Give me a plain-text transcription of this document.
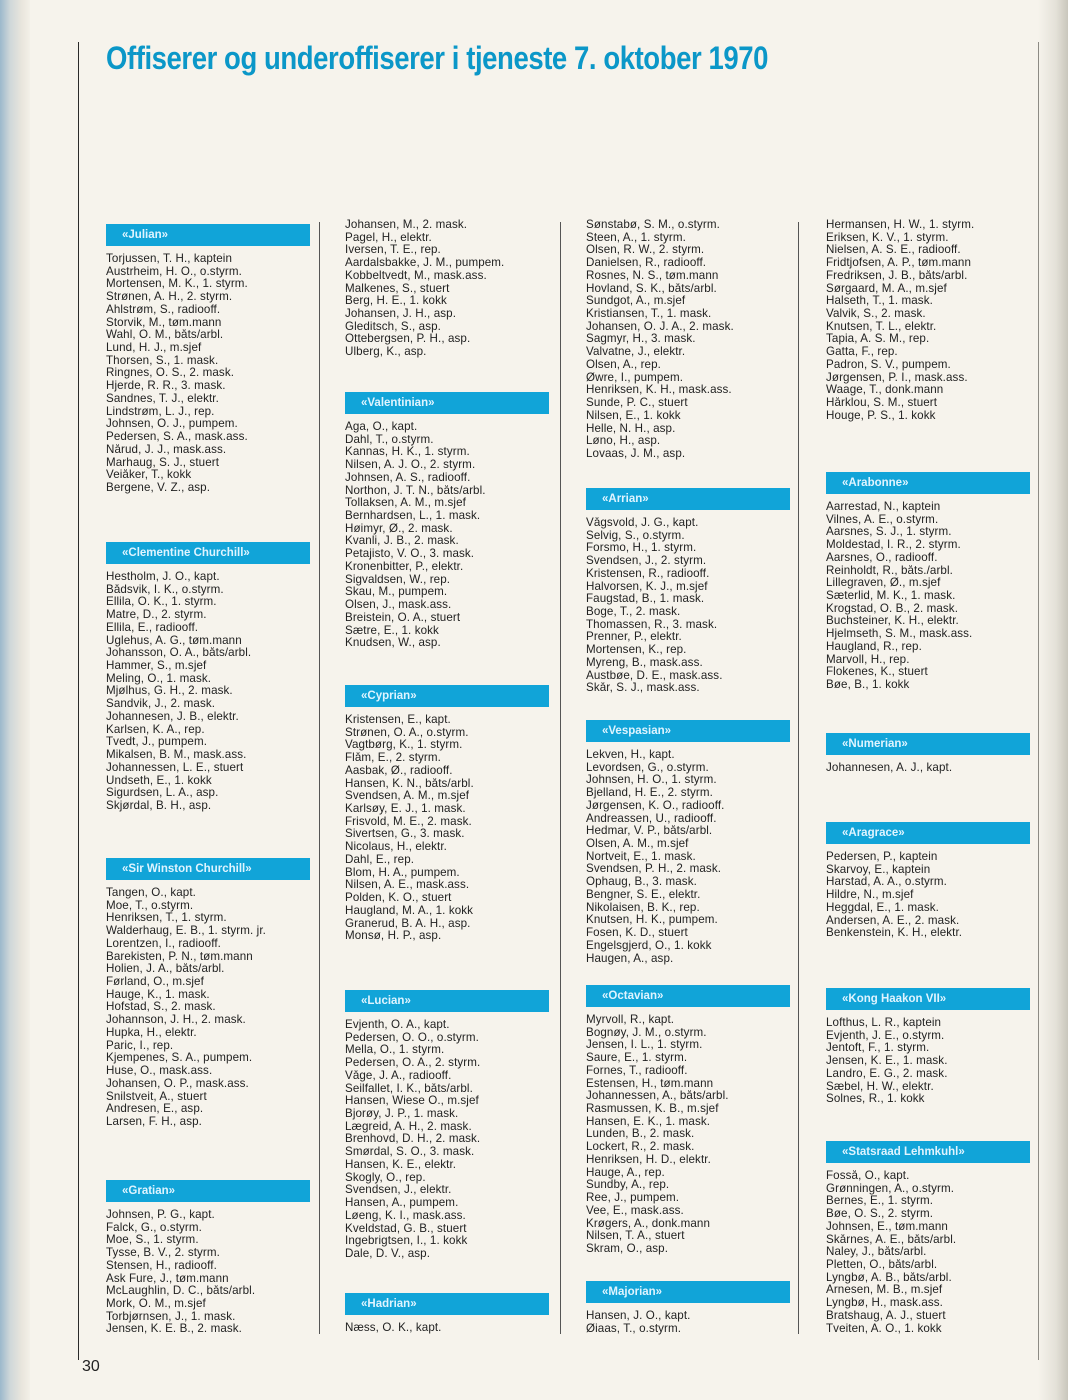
Offiserer og underoffiserer i tjeneste 7. oktober 1970
«Julian»
Torjussen, T. H., kaptein
Austrheim, H. O., o.styrm.
Mortensen, M. K., 1. styrm.
Strønen, A. H., 2. styrm.
Ahlstrøm, S., radiooff.
Storvik, M., tøm.mann
Wahl, O. M., båts/arbl.
Lund, H. J., m.sjef
Thorsen, S., 1. mask.
Ringnes, O. S., 2. mask.
Hjerde, R. R., 3. mask.
Sandnes, T. J., elektr.
Lindstrøm, L. J., rep.
Johnsen, O. J., pumpem.
Pedersen, S. A., mask.ass.
Nårud, J. J., mask.ass.
Marhaug, S. J., stuert
Veiåker, T., kokk
Bergene, V. Z., asp.
«Clementine Churchill»
Hestholm, J. O., kapt.
Bådsvik, I. K., o.styrm.
Ellila, O. K., 1. styrm.
Matre, D., 2. styrm.
Ellila, E., radiooff.
Uglehus, A. G., tøm.mann
Johansson, O. A., båts/arbl.
Hammer, S., m.sjef
Meling, O., 1. mask.
Mjølhus, G. H., 2. mask.
Sandvik, J., 2. mask.
Johannesen, J. B., elektr.
Karlsen, K. A., rep.
Tvedt, J., pumpem.
Mikalsen, B. M., mask.ass.
Johannessen, L. E., stuert
Undseth, E., 1. kokk
Sigurdsen, L. A., asp.
Skjørdal, B. H., asp.
«Sir Winston Churchill»
Tangen, O., kapt.
Moe, T., o.styrm.
Henriksen, T., 1. styrm.
Walderhaug, E. B., 1. styrm. jr.
Lorentzen, I., radiooff.
Barekisten, P. N., tøm.mann
Holien, J. A., båts/arbl.
Førland, O., m.sjef
Hauge, K., 1. mask.
Hofstad, S., 2. mask.
Johannson, J. H., 2. mask.
Hupka, H., elektr.
Paric, I., rep.
Kjempenes, S. A., pumpem.
Huse, O., mask.ass.
Johansen, O. P., mask.ass.
Snilstveit, A., stuert
Andresen, E., asp.
Larsen, F. H., asp.
«Gratian»
Johnsen, P. G., kapt.
Falck, G., o.styrm.
Moe, S., 1. styrm.
Tysse, B. V., 2. styrm.
Stensen, H., radiooff.
Ask Fure, J., tøm.mann
McLaughlin, D. C., båts/arbl.
Mork, O. M., m.sjef
Torbjørnsen, J., 1. mask.
Jensen, K. E. B., 2. mask.
Johansen, M., 2. mask.
Pagel, H., elektr.
Iversen, T. E., rep.
Aardalsbakke, J. M., pumpem.
Kobbeltvedt, M., mask.ass.
Malkenes, S., stuert
Berg, H. E., 1. kokk
Johansen, J. H., asp.
Gleditsch, S., asp.
Ottebergsen, P. H., asp.
Ulberg, K., asp.
«Valentinian»
Aga, O., kapt.
Dahl, T., o.styrm.
Kannas, H. K., 1. styrm.
Nilsen, A. J. O., 2. styrm.
Johnsen, A. S., radiooff.
Northon, J. T. N., båts/arbl.
Tollaksen, A. M., m.sjef
Bernhardsen, L., 1. mask.
Høimyr, Ø., 2. mask.
Kvanli, J. B., 2. mask.
Petajisto, V. O., 3. mask.
Kronenbitter, P., elektr.
Sigvaldsen, W., rep.
Skau, M., pumpem.
Olsen, J., mask.ass.
Breistein, O. A., stuert
Sætre, E., 1. kokk
Knudsen, W., asp.
«Cyprian»
Kristensen, E., kapt.
Strønen, O. A., o.styrm.
Vagtbørg, K., 1. styrm.
Flåm, E., 2. styrm.
Aasbak, Ø., radiooff.
Hansen, K. N., båts/arbl.
Svendsen, A. M., m.sjef
Karlsøy, E. J., 1. mask.
Frisvold, M. E., 2. mask.
Sivertsen, G., 3. mask.
Nicolaus, H., elektr.
Dahl, E., rep.
Blom, H. A., pumpem.
Nilsen, A. E., mask.ass.
Polden, K. O., stuert
Haugland, M. A., 1. kokk
Granerud, B. A. H., asp.
Monsø, H. P., asp.
«Lucian»
Evjenth, O. A., kapt.
Pedersen, O. O., o.styrm.
Mella, O., 1. styrm.
Pedersen, O. A., 2. styrm.
Våge, J. A., radiooff.
Seilfallet, I. K., båts/arbl.
Hansen, Wiese O., m.sjef
Bjorøy, J. P., 1. mask.
Lægreid, A. H., 2. mask.
Brenhovd, D. H., 2. mask.
Smørdal, S. O., 3. mask.
Hansen, K. E., elektr.
Skogly, O., rep.
Svendsen, J., elektr.
Hansen, A., pumpem.
Løeng, K. I., mask.ass.
Kveldstad, G. B., stuert
Ingebrigtsen, I., 1. kokk
Dale, D. V., asp.
«Hadrian»
Næss, O. K., kapt.
Sønstabø, S. M., o.styrm.
Steen, A., 1. styrm.
Olsen, R. W., 2. styrm.
Danielsen, R., radiooff.
Rosnes, N. S., tøm.mann
Hovland, S. K., båts/arbl.
Sundgot, A., m.sjef
Kristiansen, T., 1. mask.
Johansen, O. J. A., 2. mask.
Sagmyr, H., 3. mask.
Valvatne, J., elektr.
Olsen, A., rep.
Øwre, I., pumpem.
Henriksen, K. H., mask.ass.
Sunde, P. C., stuert
Nilsen, E., 1. kokk
Helle, N. H., asp.
Løno, H., asp.
Lovaas, J. M., asp.
«Arrian»
Vågsvold, J. G., kapt.
Selvig, S., o.styrm.
Forsmo, H., 1. styrm.
Svendsen, J., 2. styrm.
Kristensen, R., radiooff.
Halvorsen, K. J., m.sjef
Faugstad, B., 1. mask.
Boge, T., 2. mask.
Thomassen, R., 3. mask.
Prenner, P., elektr.
Mortensen, K., rep.
Myreng, B., mask.ass.
Austbøe, D. E., mask.ass.
Skår, S. J., mask.ass.
«Vespasian»
Lekven, H., kapt.
Levordsen, G., o.styrm.
Johnsen, H. O., 1. styrm.
Bjelland, H. E., 2. styrm.
Jørgensen, K. O., radiooff.
Andreassen, U., radiooff.
Hedmar, V. P., båts/arbl.
Olsen, A. M., m.sjef
Nortveit, E., 1. mask.
Svendsen, P. H., 2. mask.
Ophaug, B., 3. mask.
Bengner, S. E., elektr.
Nikolaisen, B. K., rep.
Knutsen, H. K., pumpem.
Fosen, K. D., stuert
Engelsgjerd, O., 1. kokk
Haugen, A., asp.
«Octavian»
Myrvoll, R., kapt.
Bognøy, J. M., o.styrm.
Jensen, I. L., 1. styrm.
Saure, E., 1. styrm.
Fornes, T., radiooff.
Estensen, H., tøm.mann
Johannessen, A., båts/arbl.
Rasmussen, K. B., m.sjef
Hansen, E. K., 1. mask.
Lunden, B., 2. mask.
Lockert, R., 2. mask.
Henriksen, H. D., elektr.
Hauge, A., rep.
Sundby, A., rep.
Ree, J., pumpem.
Vee, E., mask.ass.
Krøgers, A., donk.mann
Nilsen, T. A., stuert
Skram, O., asp.
«Majorian»
Hansen, J. O., kapt.
Øiaas, T., o.styrm.
Hermansen, H. W., 1. styrm.
Eriksen, K. V., 1. styrm.
Nielsen, A. S. E., radiooff.
Fridtjofsen, A. P., tøm.mann
Fredriksen, J. B., båts/arbl.
Sørgaard, M. A., m.sjef
Halseth, T., 1. mask.
Valvik, S., 2. mask.
Knutsen, T. L., elektr.
Tapia, A. S. M., rep.
Gatta, F., rep.
Padron, S. V., pumpem.
Jørgensen, P. I., mask.ass.
Waage, T., donk.mann
Hårklou, S. M., stuert
Houge, P. S., 1. kokk
«Arabonne»
Aarrestad, N., kaptein
Vilnes, A. E., o.styrm.
Aarsnes, S. J., 1. styrm.
Moldestad, I. R., 2. styrm.
Aarsnes, O., radiooff.
Reinholdt, R., båts./arbl.
Lillegraven, Ø., m.sjef
Sæterlid, M. K., 1. mask.
Krogstad, O. B., 2. mask.
Buchsteiner, K. H., elektr.
Hjelmseth, S. M., mask.ass.
Haugland, R., rep.
Marvoll, H., rep.
Flokenes, K., stuert
Bøe, B., 1. kokk
«Numerian»
Johannesen, A. J., kapt.
«Aragrace»
Pedersen, P., kaptein
Skarvoy, E., kaptein
Harstad, A. A., o.styrm.
Hildre, N., m.sjef
Heggdal, E., 1. mask.
Andersen, A. E., 2. mask.
Benkenstein, K. H., elektr.
«Kong Haakon VII»
Lofthus, L. R., kaptein
Evjenth, J. E., o.styrm.
Jentoft, F., 1. styrm.
Jensen, K. E., 1. mask.
Landro, E. G., 2. mask.
Sæbel, H. W., elektr.
Solnes, R., 1. kokk
«Statsraad Lehmkuhl»
Fosså, O., kapt.
Grønningen, A., o.styrm.
Bernes, E., 1. styrm.
Bøe, O. S., 2. styrm.
Johnsen, E., tøm.mann
Skårnes, A. E., båts/arbl.
Naley, J., båts/arbl.
Pletten, O., båts/arbl.
Lyngbø, A. B., båts/arbl.
Arnesen, M. B., m.sjef
Lyngbø, H., mask.ass.
Bratshaug, A. J., stuert
Tveiten, A. O., 1. kokk
30
